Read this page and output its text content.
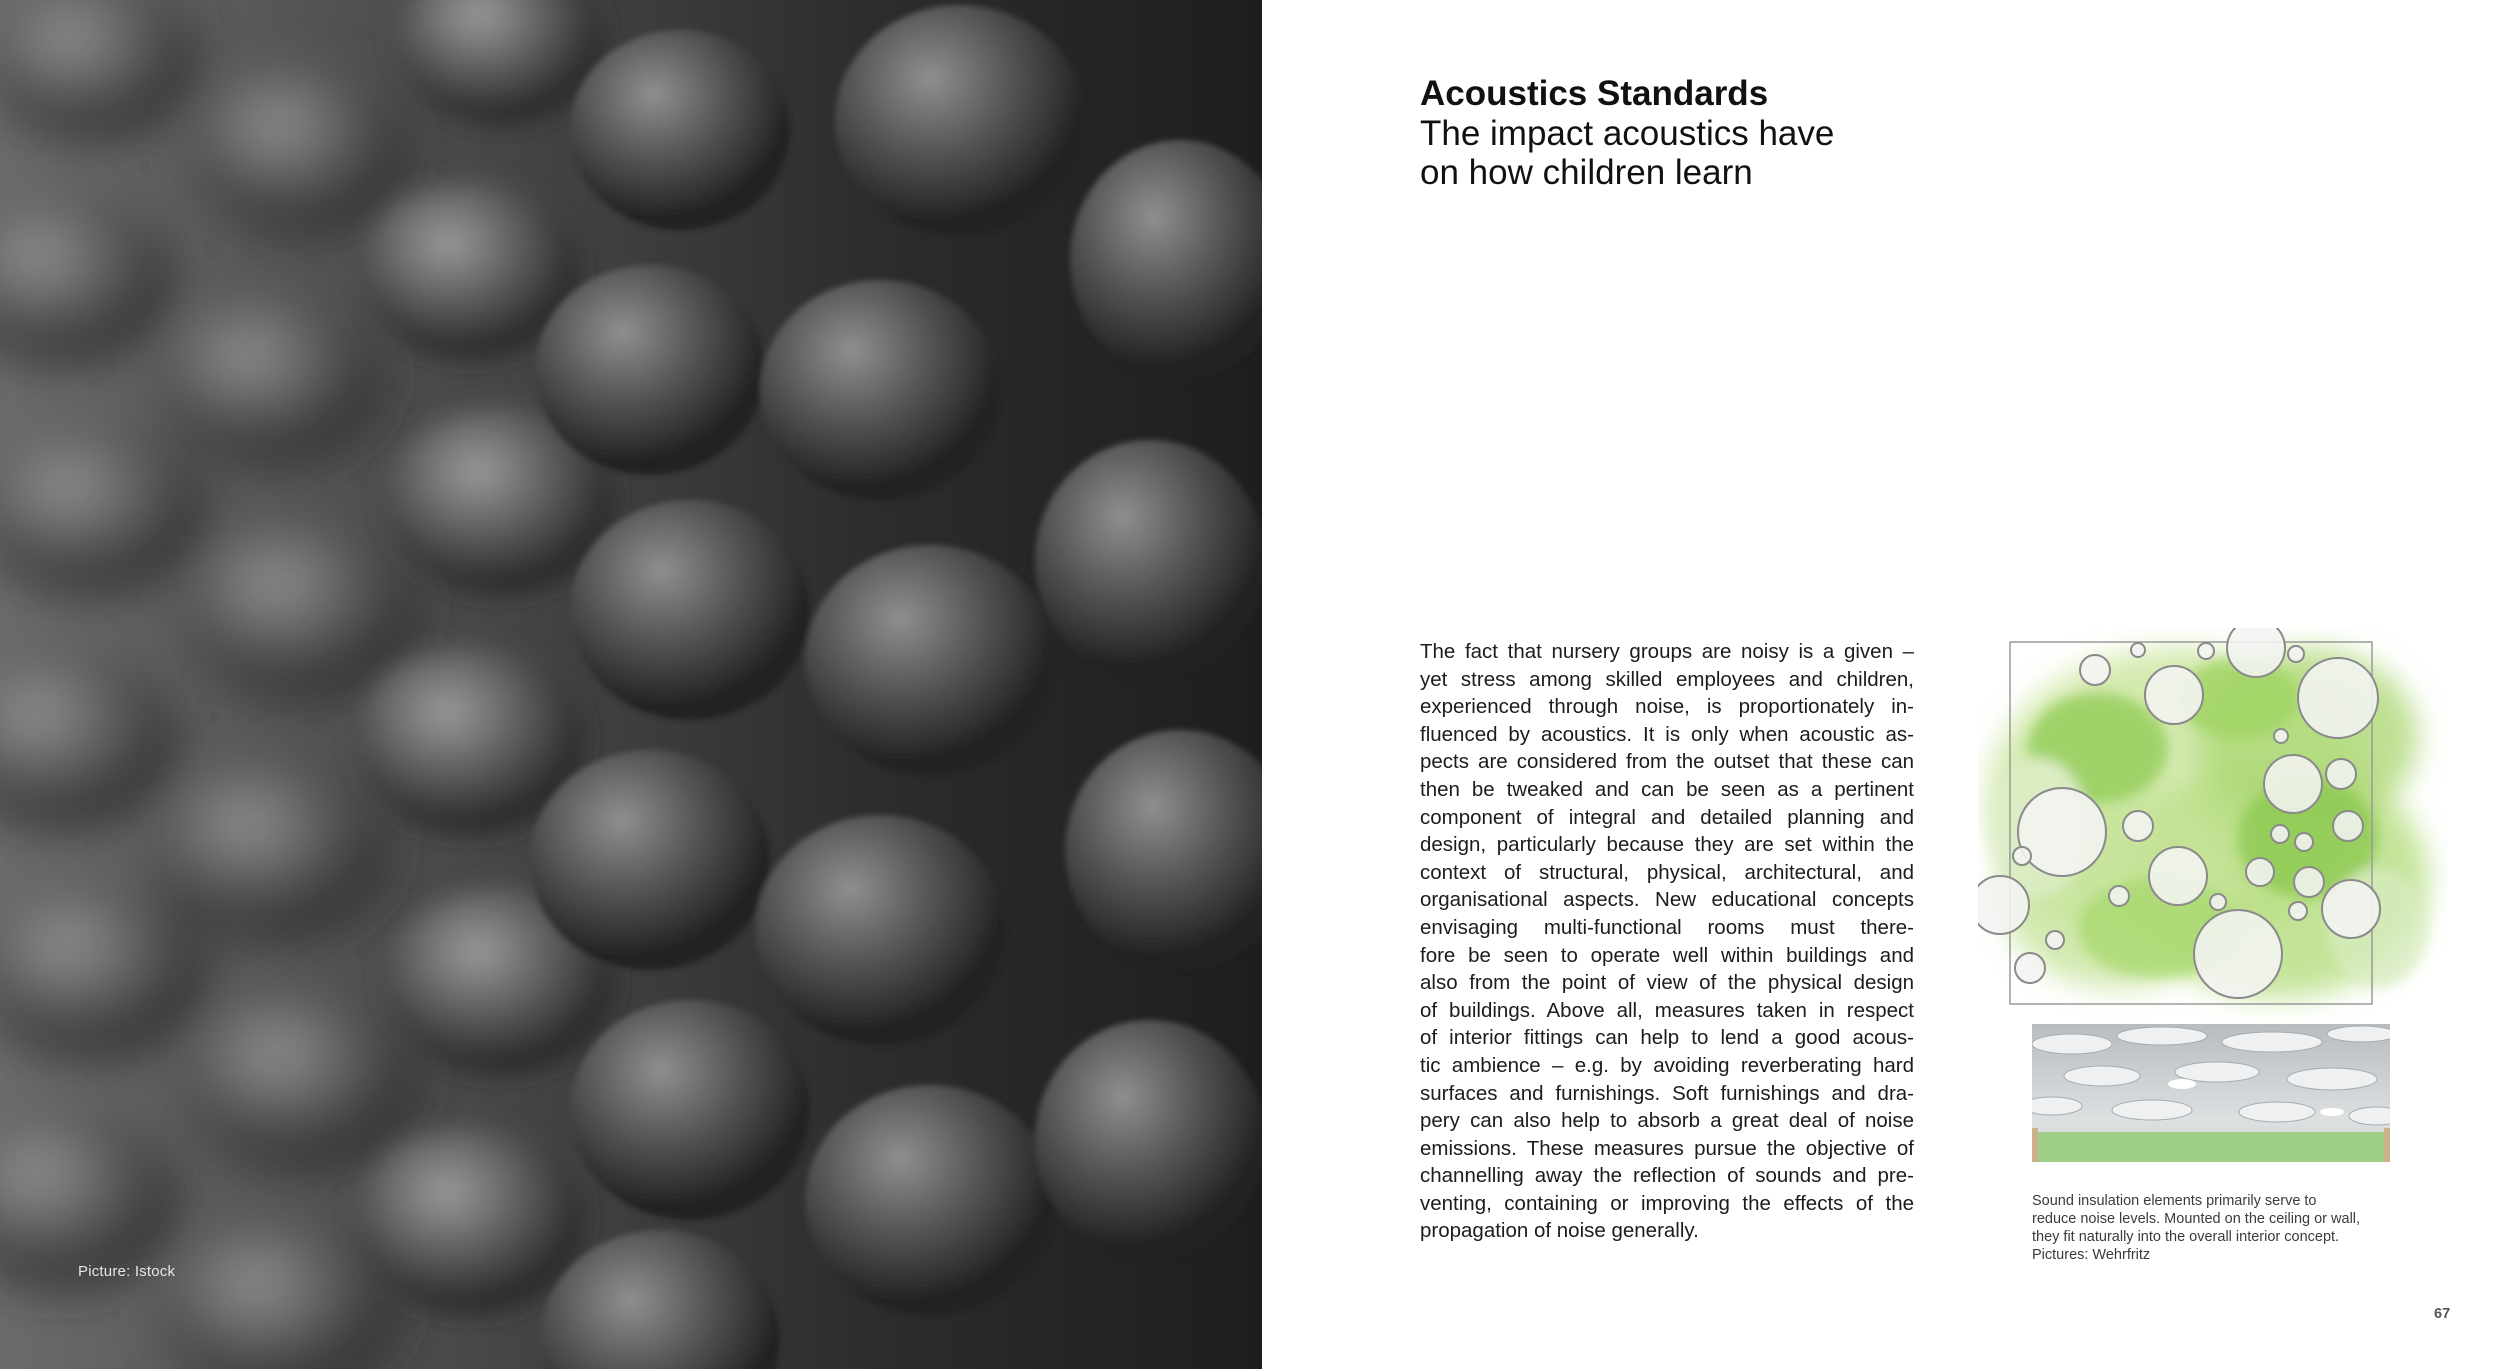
Picture: Istock
Acoustics Standards
The impact acoustics have
on how children learn
The fact that nursery groups are noisy is a given –
yet stress among skilled employees and children,
experienced through noise, is proportionately in-
fluenced by acoustics. It is only when acoustic as-
pects are considered from the outset that these can
then be tweaked and can be seen as a pertinent
component of integral and detailed planning and
design, particularly because they are set within the
context of structural, physical, architectural, and
organisational aspects. New educational concepts
envisaging multi-functional rooms must there-
fore be seen to operate well within buildings and
also from the point of view of the physical design
of buildings. Above all, measures taken in respect
of interior fittings can help to lend a good acous-
tic ambience – e.g. by avoiding reverberating hard
surfaces and furnishings. Soft furnishings and dra-
pery can also help to absorb a great deal of noise
emissions. These measures pursue the objective of
channelling away the reflection of sounds and pre-
venting, containing or improving the effects of the
propagation of noise generally.
Sound insulation elements primarily serve to
reduce noise levels. Mounted on the ceiling or wall,
they fit naturally into the overall interior concept.
Pictures: Wehrfritz
67
